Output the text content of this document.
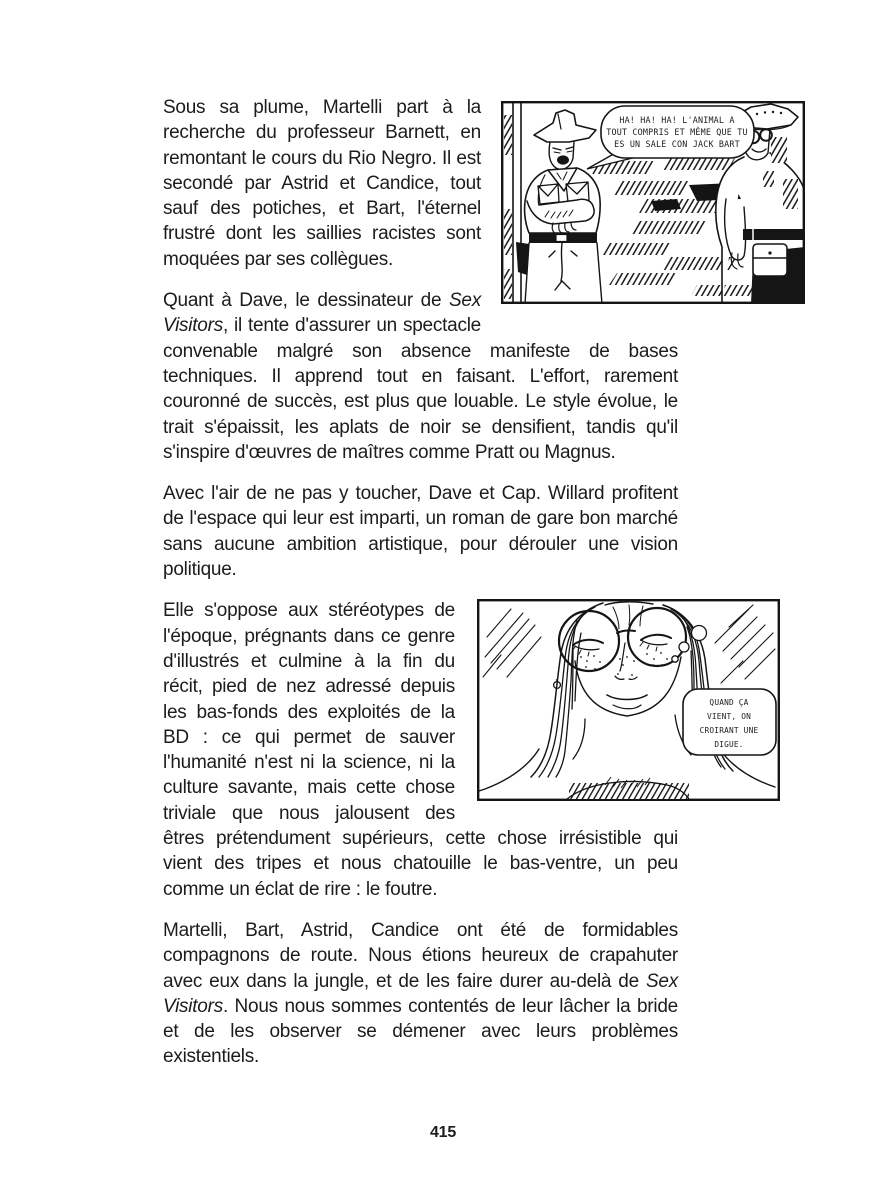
HA! HA! HA! L'ANIMAL A
TOUT COMPRIS ET MÊME QUE TU
ES UN SALE CON JACK BART

Sous sa plume, Martelli part à la recherche du professeur Barnett, en remontant le cours du Rio Negro. Il est secondé par Astrid et Candice, tout sauf des potiches, et Bart, l'éternel frustré dont les saillies racistes sont moquées par ses collègues.

Quant à Dave, le dessinateur de Sex Visitors, il tente d'assurer un spectacle convenable malgré son absence manifeste de bases techniques. Il apprend tout en faisant. L'effort, rarement couronné de succès, est plus que louable. Le style évolue, le trait s'épaissit, les aplats de noir se densifient, tandis qu'il s'inspire d'œuvres de maîtres comme Pratt ou Magnus.

Avec l'air de ne pas y toucher, Dave et Cap. Willard profitent de l'espace qui leur est imparti, un roman de gare bon marché sans aucune ambition artistique, pour dérouler une vision politique.

QUAND ÇA
VIENT, ON
CROIRANT UNE
DIGUE.

Elle s'oppose aux stéréotypes de l'époque, prégnants dans ce genre d'illustrés et culmine à la fin du récit, pied de nez adressé depuis les bas-fonds des exploités de la BD : ce qui permet de sauver l'humanité n'est ni la science, ni la culture savante, mais cette chose triviale que nous jalousent des êtres prétendument supérieurs, cette chose irrésistible qui vient des tripes et nous chatouille le bas-ventre, un peu comme un éclat de rire : le foutre.

Martelli, Bart, Astrid, Candice ont été de formidables compagnons de route. Nous étions heureux de crapahuter avec eux dans la jungle, et de les faire durer au-delà de Sex Visitors. Nous nous sommes contentés de leur lâcher la bride et de les observer se démener avec leurs problèmes existentiels.

415
